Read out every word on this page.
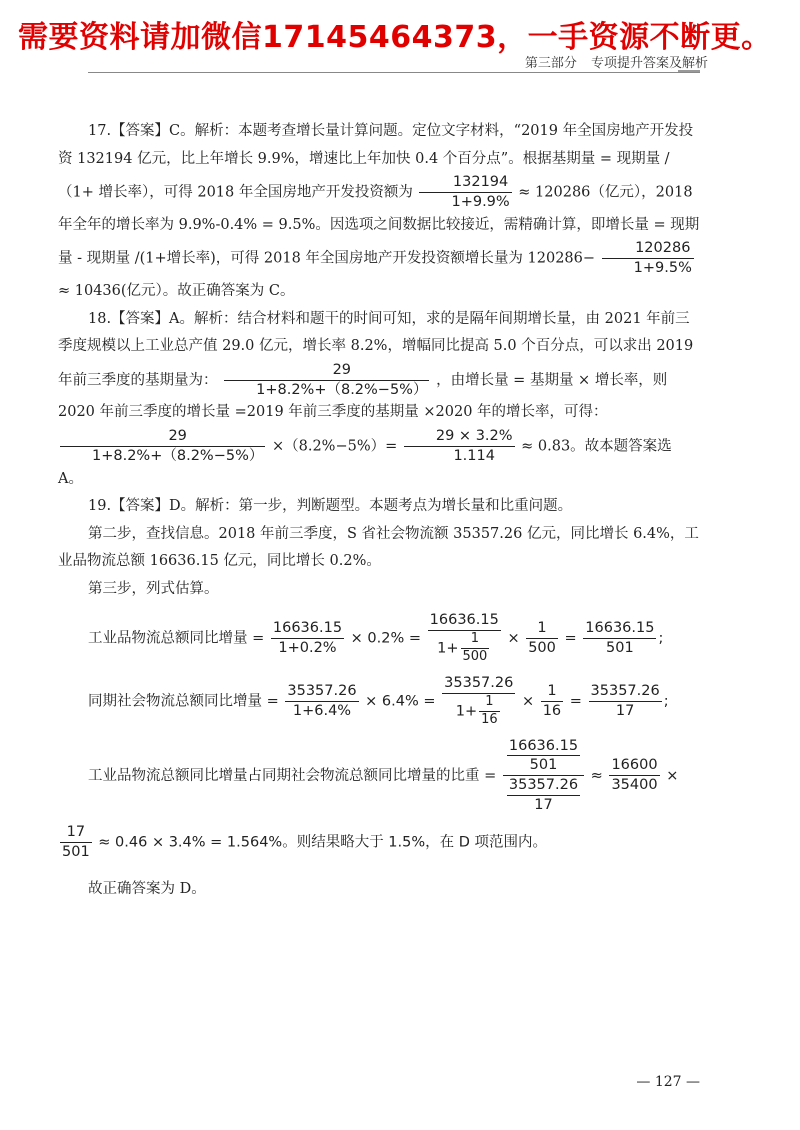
需要资料请加微信17145464373，一手资源不断更。
第三部分 专项提升答案及解析

17.【答案】C。解析：本题考查增长量计算问题。定位文字材料，“2019 年全国房地产开发投资 132194 亿元，比上年增长 9.9%，增速比上年加快 0.4 个百分点”。根据基期量 = 现期量 /（1+ 增长率），可得 2018 年全国房地产开发投资额为 $\frac{132194}{1+9.9\%} \approx 120286$（亿元），2018 年全年的增长率为 9.9%-0.4% = 9.5%。因选项之间数据比较接近，需精确计算，即增长量 = 现期量 - 现期量 /(1+增长率)，可得 2018 年全国房地产开发投资额增长量为 $120286- \frac{120286}{1+9.5\%}$
≈ 10436(亿元）。故正确答案为 C。

18.【答案】A。解析：结合材料和题干的时间可知，求的是隔年间期增长量，由 2021 年前三季度规模以上工业总产值 29.0 亿元，增长率 8.2%，增幅同比提高 5.0 个百分点，可以求出 2019 年前三季度的基期量为： $\frac{29}{1+8.2\%+(8.2\%-5\%)}$ ，由增长量 = 基期量 × 增长率，则 2020 年前三季度的增长量 =2019 年前三季度的基期量 ×2020 年的增长率，可得：
$\frac{29}{1+8.2\%+(8.2\%-5\%)} \times(8.2\%-5\%)= \frac{29 \times 3.2\%}{1.114} \approx 0.83$。故本题答案选 A。

19.【答案】D。解析：第一步，判断题型。本题考点为增长量和比重问题。

第二步，查找信息。2018 年前三季度，S 省社会物流额 35357.26 亿元，同比增长 6.4%，工业品物流总额 16636.15 亿元，同比增长 0.2%。

第三步，列式估算。

工业品物流总额同比增量 = $\frac{16636.15}{1+0.2\%} \times 0.2\% = \frac{16636.15}{1+ \frac{1}{500}} \times \frac{1}{500} = \frac{16636.15}{501}$ ;
同期社会物流总额同比增量 = $\frac{35357.26}{1+6.4\%} \times 6.4\% = \frac{35357.26}{1+ \frac{1}{16}} \times \frac{1}{16} = \frac{35357.26}{17}$ ;
工业品物流总额同比增量占同期社会物流总额同比增量的比重 = $\frac{\frac{16636.15}{501}}{\frac{35357.26}{17}} \approx \frac{16600}{35400}$ ×

$\frac{17}{501} \approx 0.46 \times 3.4\% = 1.564\%$。则结果略大于 1.5%，在 D 项范围内。

故正确答案为 D。

— 127 —
